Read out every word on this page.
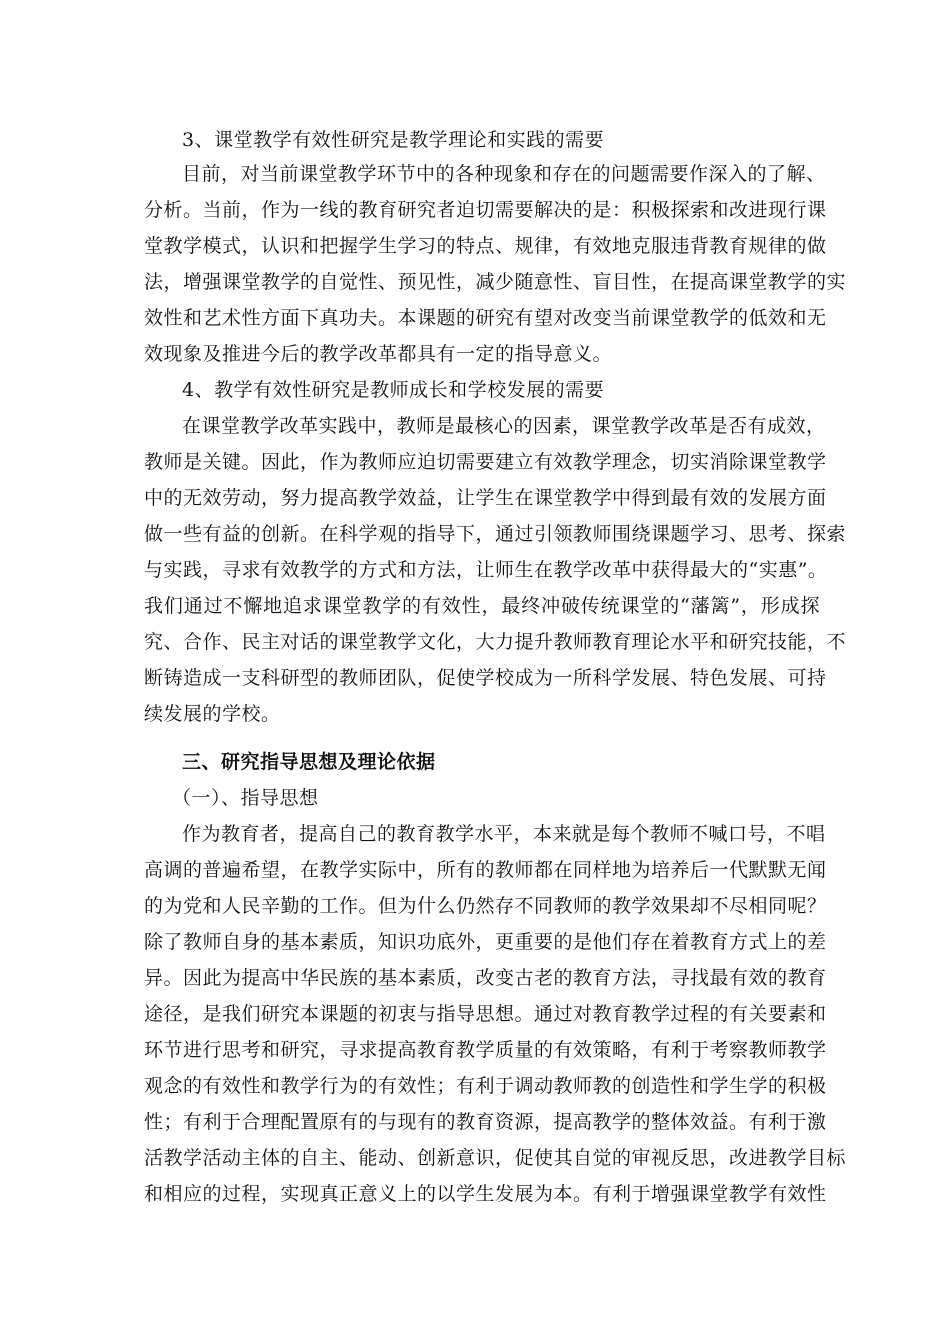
3、课堂教学有效性研究是教学理论和实践的需要
目前，对当前课堂教学环节中的各种现象和存在的问题需要作深入的了解、
分析。当前，作为一线的教育研究者迫切需要解决的是：积极探索和改进现行课
堂教学模式，认识和把握学生学习的特点、规律，有效地克服违背教育规律的做
法，增强课堂教学的自觉性、预见性，减少随意性、盲目性，在提高课堂教学的实
效性和艺术性方面下真功夫。本课题的研究有望对改变当前课堂教学的低效和无
效现象及推进今后的教学改革都具有一定的指导意义。
4、教学有效性研究是教师成长和学校发展的需要
在课堂教学改革实践中，教师是最核心的因素，课堂教学改革是否有成效，
教师是关键。因此，作为教师应迫切需要建立有效教学理念，切实消除课堂教学
中的无效劳动，努力提高教学效益，让学生在课堂教学中得到最有效的发展方面
做一些有益的创新。在科学观的指导下，通过引领教师围绕课题学习、思考、探索
与实践，寻求有效教学的方式和方法，让师生在教学改革中获得最大的“实惠”。
我们通过不懈地追求课堂教学的有效性，最终冲破传统课堂的“藩篱”，形成探
究、合作、民主对话的课堂教学文化，大力提升教师教育理论水平和研究技能，不
断铸造成一支科研型的教师团队，促使学校成为一所科学发展、特色发展、可持
续发展的学校。
三、研究指导思想及理论依据
（一）、指导思想
作为教育者，提高自己的教育教学水平，本来就是每个教师不喊口号，不唱
高调的普遍希望，在教学实际中，所有的教师都在同样地为培养后一代默默无闻
的为党和人民辛勤的工作。但为什么仍然存不同教师的教学效果却不尽相同呢？
除了教师自身的基本素质，知识功底外，更重要的是他们存在着教育方式上的差
异。因此为提高中华民族的基本素质，改变古老的教育方法，寻找最有效的教育
途径，是我们研究本课题的初衷与指导思想。通过对教育教学过程的有关要素和
环节进行思考和研究，寻求提高教育教学质量的有效策略，有利于考察教师教学
观念的有效性和教学行为的有效性；有利于调动教师教的创造性和学生学的积极
性；有利于合理配置原有的与现有的教育资源，提高教学的整体效益。有利于激
活教学活动主体的自主、能动、创新意识，促使其自觉的审视反思，改进教学目标
和相应的过程，实现真正意义上的以学生发展为本。有利于增强课堂教学有效性
